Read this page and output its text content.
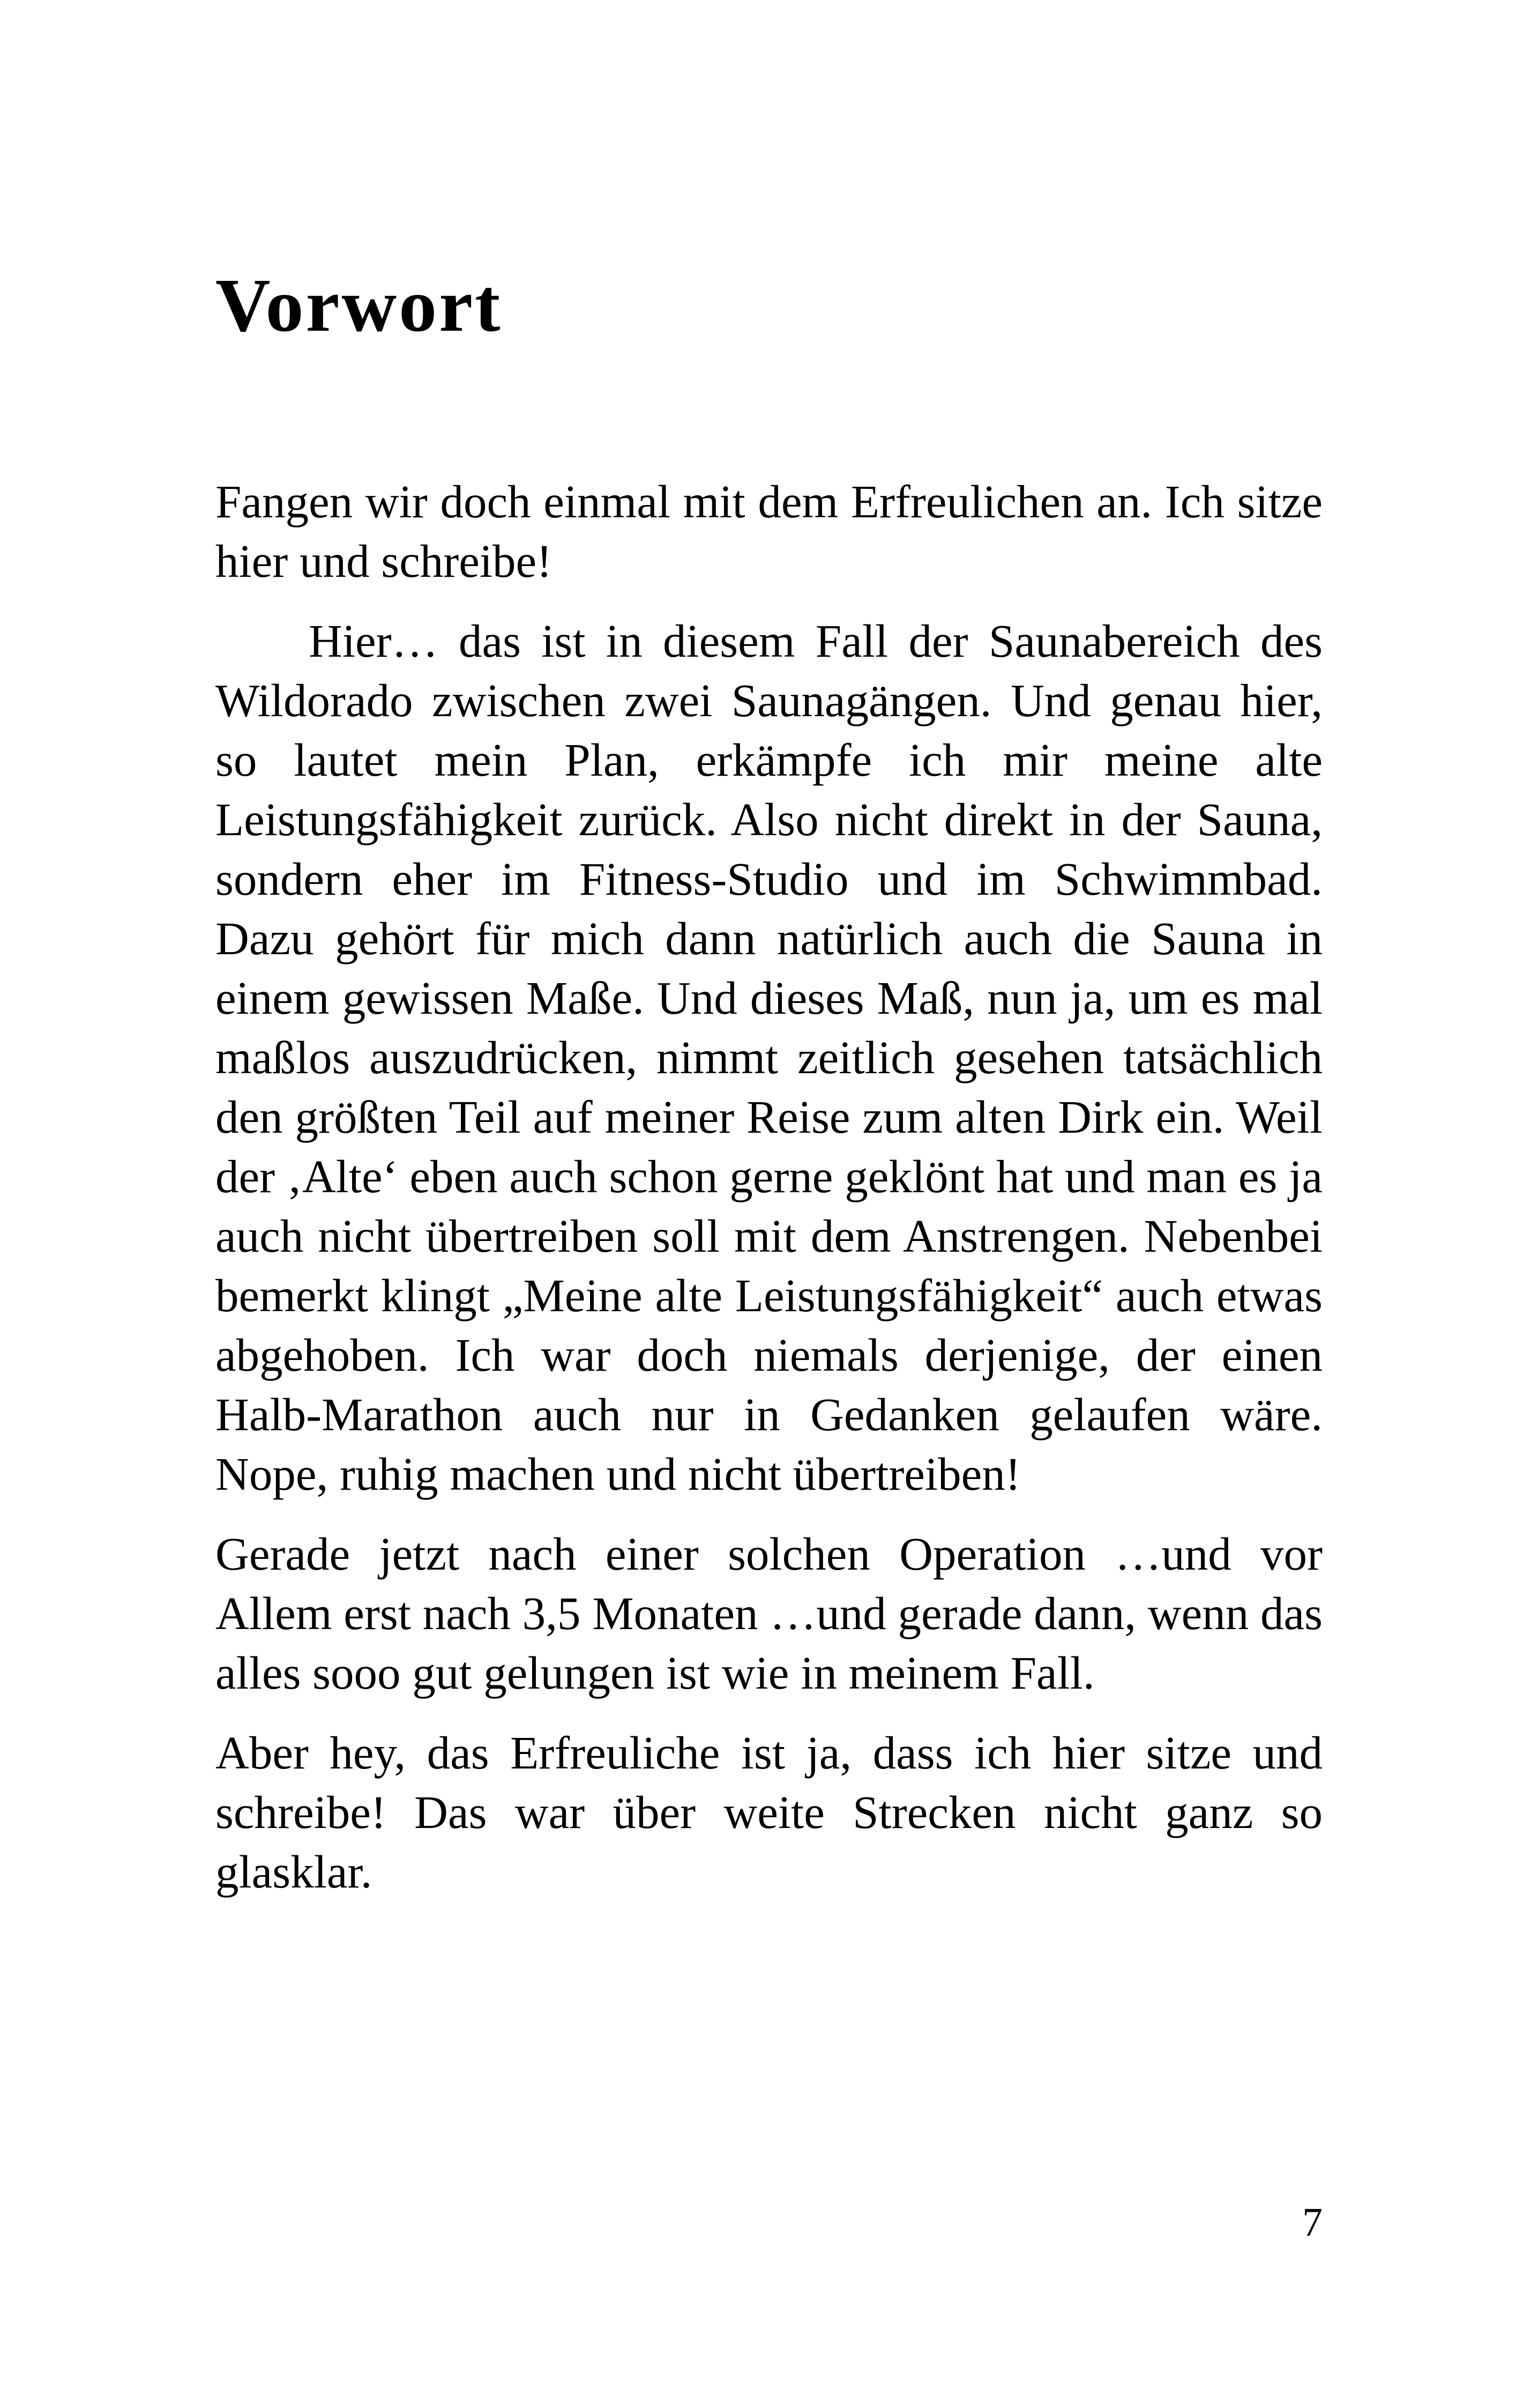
Vorwort

Fangen wir doch einmal mit dem Erfreulichen an. Ich sitze hier und schreibe!

Hier… das ist in diesem Fall der Saunabereich des Wildorado zwischen zwei Saunagängen. Und genau hier, so lautet mein Plan, erkämpfe ich mir meine alte Leistungsfähigkeit zurück. Also nicht direkt in der Sauna, sondern eher im Fitness-Studio und im Schwimmbad. Dazu gehört für mich dann natürlich auch die Sauna in einem gewissen Maße. Und dieses Maß, nun ja, um es mal maßlos auszudrücken, nimmt zeitlich gesehen tatsächlich den größten Teil auf meiner Reise zum alten Dirk ein. Weil der ‚Alte‘ eben auch schon gerne geklönt hat und man es ja auch nicht übertreiben soll mit dem Anstrengen. Nebenbei bemerkt klingt „Meine alte Leistungsfähigkeit“ auch etwas abgehoben. Ich war doch niemals derjenige, der einen Halb-Marathon auch nur in Gedanken gelaufen wäre. Nope, ruhig machen und nicht übertreiben!

Gerade jetzt nach einer solchen Operation …und vor Allem erst nach 3,5 Monaten …und gerade dann, wenn das alles sooo gut gelungen ist wie in meinem Fall.

Aber hey, das Erfreuliche ist ja, dass ich hier sitze und schreibe! Das war über weite Strecken nicht ganz so glasklar.

7
